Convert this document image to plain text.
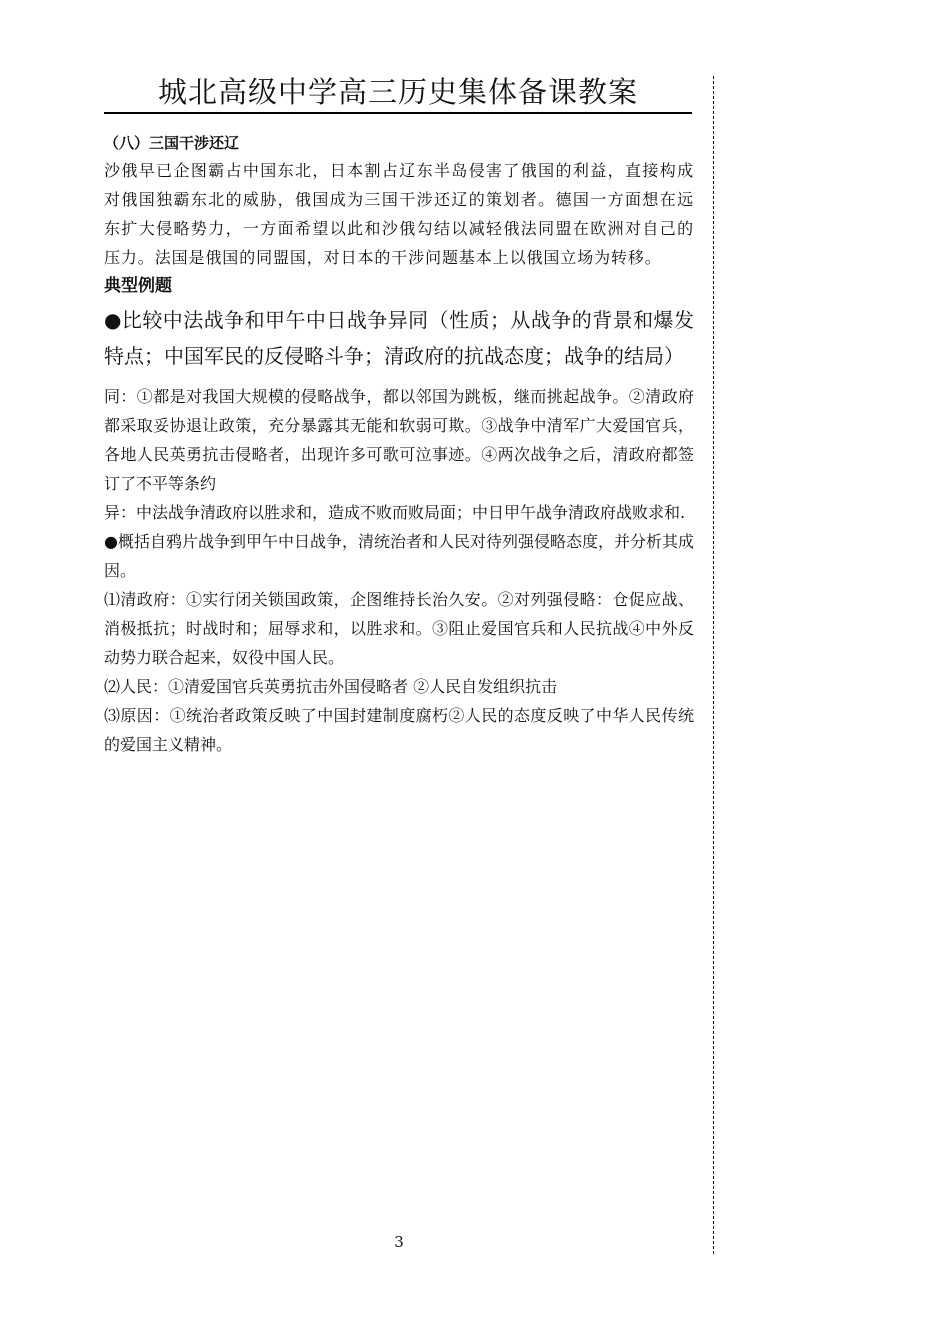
城北高级中学高三历史集体备课教案

（八）三国干涉还辽

沙俄早已企图霸占中国东北，日本割占辽东半岛侵害了俄国的利益，直接构成对俄国独霸东北的威胁，俄国成为三国干涉还辽的策划者。德国一方面想在远东扩大侵略势力，一方面希望以此和沙俄勾结以减轻俄法同盟在欧洲对自己的压力。法国是俄国的同盟国，对日本的干涉问题基本上以俄国立场为转移。

典型例题

●比较中法战争和甲午中日战争异同（性质；从战争的背景和爆发特点；中国军民的反侵略斗争；清政府的抗战态度；战争的结局）

同：①都是对我国大规模的侵略战争，都以邻国为跳板，继而挑起战争。②清政府都采取妥协退让政策，充分暴露其无能和软弱可欺。③战争中清军广大爱国官兵，各地人民英勇抗击侵略者，出现许多可歌可泣事迹。④两次战争之后，清政府都签订了不平等条约

异：中法战争清政府以胜求和，造成不败而败局面；中日甲午战争清政府战败求和.

●概括自鸦片战争到甲午中日战争，清统治者和人民对待列强侵略态度，并分析其成因。

⑴清政府：①实行闭关锁国政策，企图维持长治久安。②对列强侵略：仓促应战、消极抵抗；时战时和；屈辱求和，以胜求和。③阻止爱国官兵和人民抗战④中外反动势力联合起来，奴役中国人民。

⑵人民：①清爱国官兵英勇抗击外国侵略者 ②人民自发组织抗击

⑶原因：①统治者政策反映了中国封建制度腐朽②人民的态度反映了中华人民传统的爱国主义精神。

3
